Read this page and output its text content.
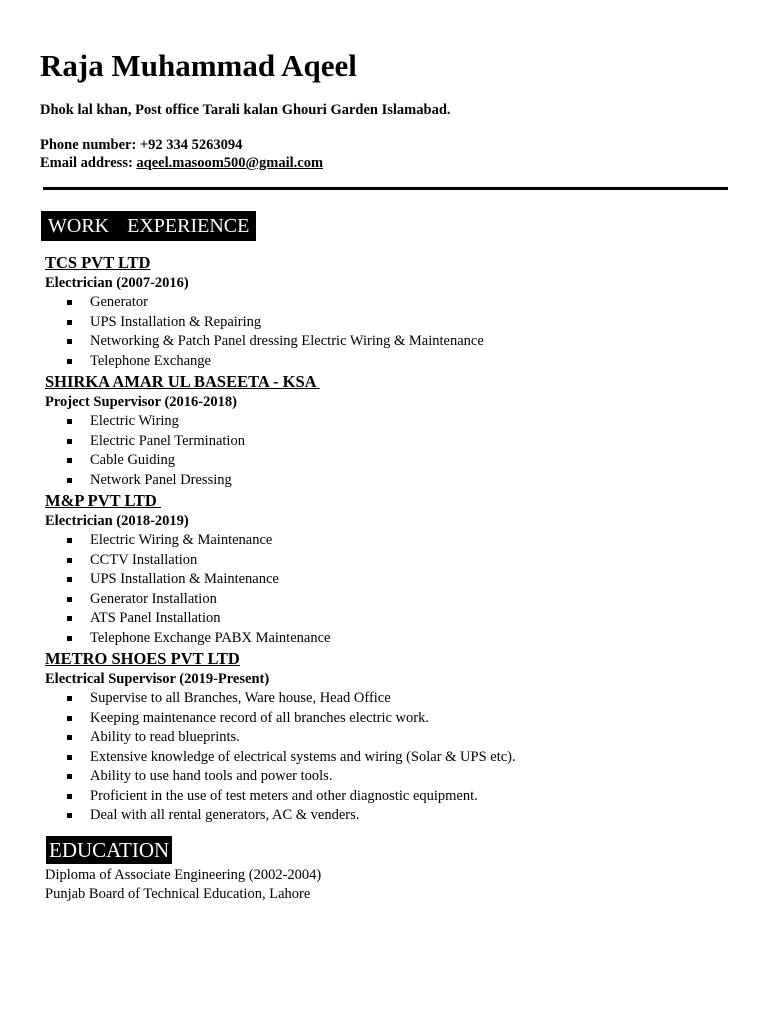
Raja Muhammad Aqeel
Dhok lal khan, Post office Tarali kalan Ghouri Garden Islamabad.
Phone number: +92 334 5263094
Email address: aqeel.masoom500@gmail.com
WORK  EXPERIENCE
TCS PVT LTD
Electrician (2007-2016)
Generator
UPS Installation & Repairing
Networking & Patch Panel dressing Electric Wiring & Maintenance
Telephone Exchange
SHIRKA AMAR UL BASEETA - KSA
Project Supervisor (2016-2018)
Electric Wiring
Electric Panel Termination
Cable Guiding
Network Panel Dressing
M&P PVT LTD
Electrician (2018-2019)
Electric Wiring & Maintenance
CCTV Installation
UPS Installation & Maintenance
Generator Installation
ATS Panel Installation
Telephone Exchange PABX Maintenance
METRO SHOES PVT LTD
Electrical Supervisor (2019-Present)
Supervise to all Branches, Ware house, Head Office
Keeping maintenance record of all branches electric work.
Ability to read blueprints.
Extensive knowledge of electrical systems and wiring (Solar & UPS etc).
Ability to use hand tools and power tools.
Proficient in the use of test meters and other diagnostic equipment.
Deal with all rental generators, AC & venders.
EDUCATION
Diploma of Associate Engineering (2002-2004)
Punjab Board of Technical Education, Lahore
